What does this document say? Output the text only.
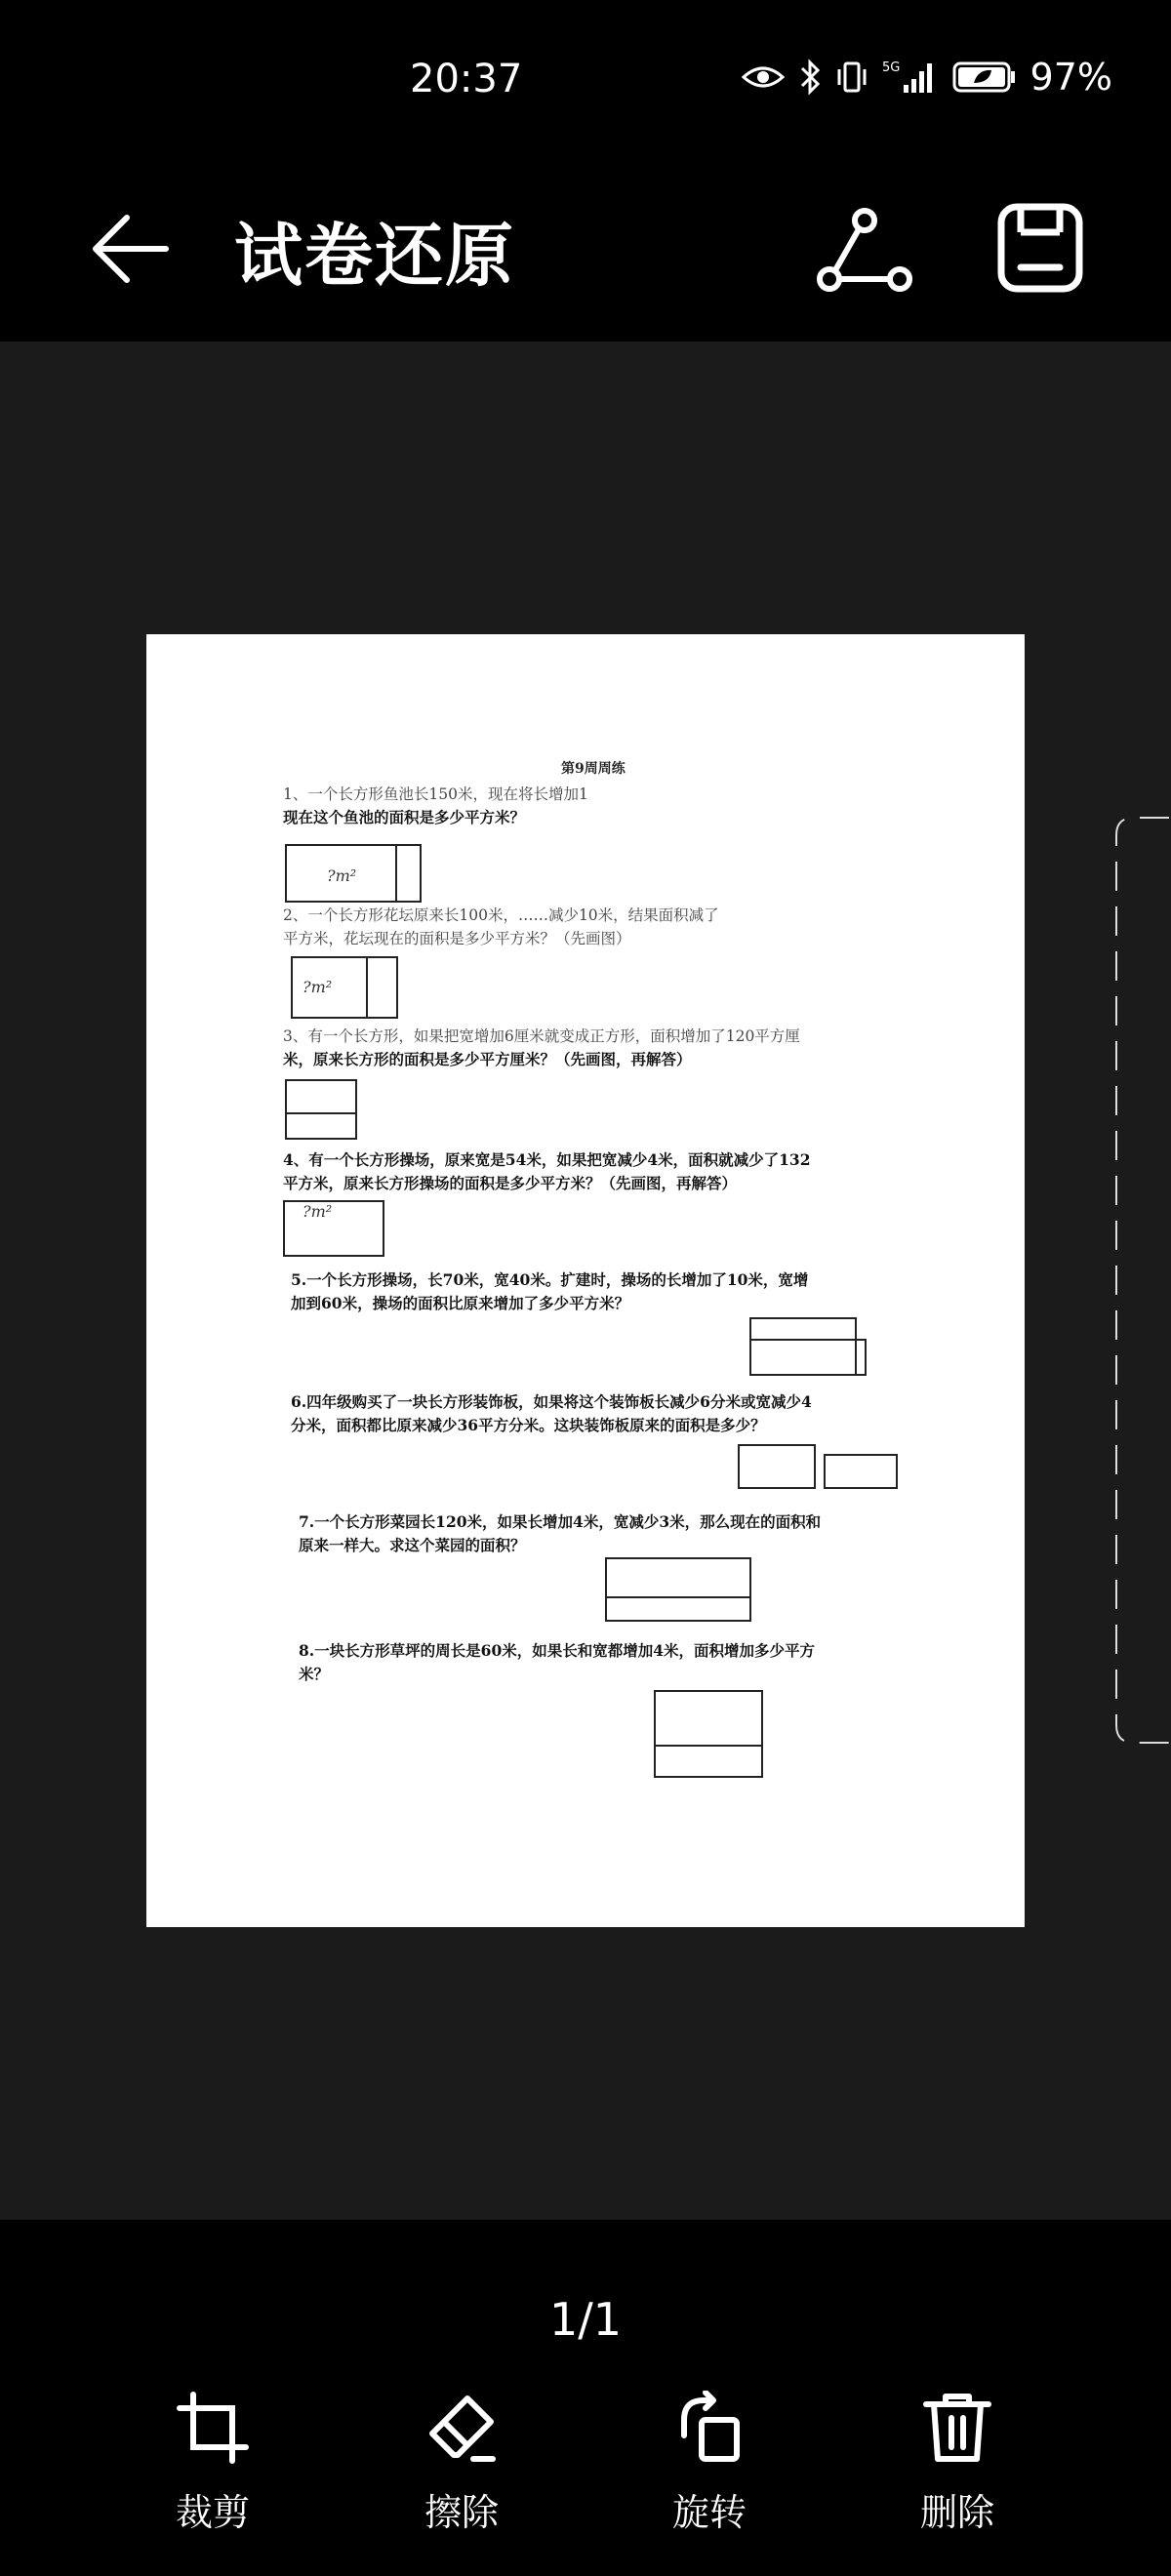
20:37	5G	97%
试卷还原
第9周周练
1、一个长方形鱼池长150米，现在将长增加1
现在这个鱼池的面积是多少平方米？
?m²
2、一个长方形花坛原来长100米，……减少10米，结果面积减了
平方米，花坛现在的面积是多少平方米？（先画图）
?m²
3、有一个长方形，如果把宽增加6厘米就变成正方形，面积增加了120平方厘
米，原来长方形的面积是多少平方厘米？（先画图，再解答）
4、有一个长方形操场，原来宽是54米，如果把宽减少4米，面积就减少了132
平方米，原来长方形操场的面积是多少平方米？（先画图，再解答）
?m²
5.一个长方形操场，长70米，宽40米。扩建时，操场的长增加了10米，宽增
加到60米，操场的面积比原来增加了多少平方米？
6.四年级购买了一块长方形装饰板，如果将这个装饰板长减少6分米或宽减少4
分米，面积都比原来减少36平方分米。这块装饰板原来的面积是多少？
7.一个长方形菜园长120米，如果长增加4米，宽减少3米，那么现在的面积和
原来一样大。求这个菜园的面积？
8.一块长方形草坪的周长是60米，如果长和宽都增加4米，面积增加多少平方
米？
1/1
裁剪	擦除	旋转	删除
